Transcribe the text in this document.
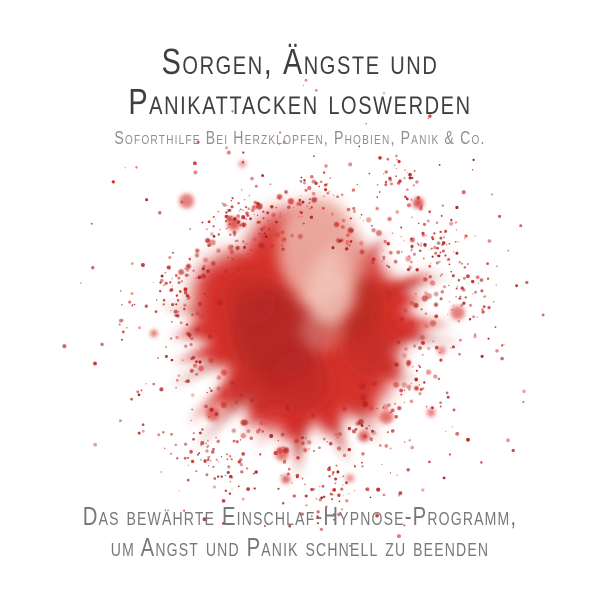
Sorgen, Ängste und
Panikattacken loswerden
Soforthilfe Bei Herzklopfen, Phobien, Panik & Co.
Das bewährte Einschlaf-Hypnose-Programm,
um Angst und Panik schnell zu beenden
